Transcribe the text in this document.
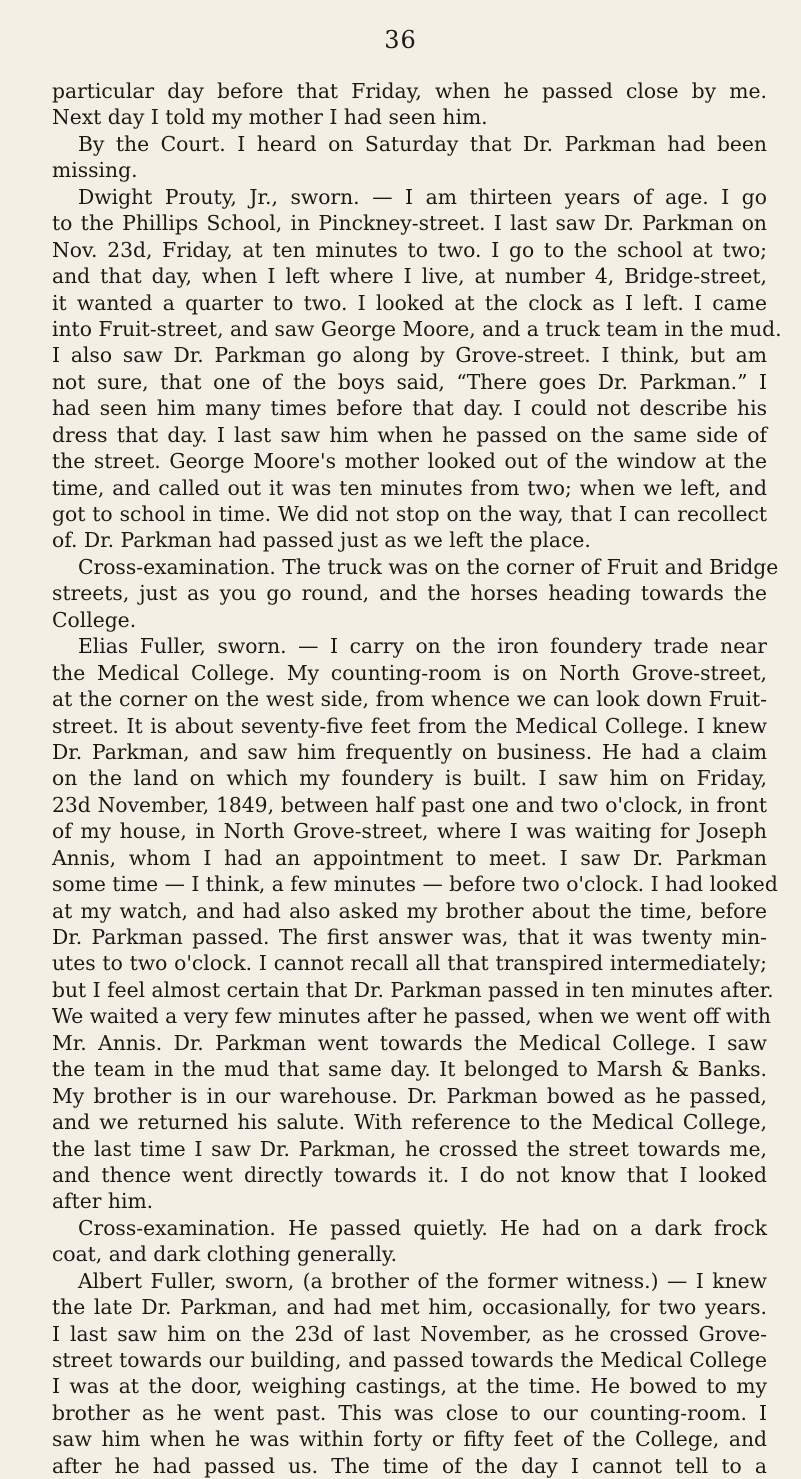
36
particular day before that Friday, when he passed close by me.
Next day I told my mother I had seen him.
By the Court. I heard on Saturday that Dr. Parkman had been
missing.
Dwight Prouty, Jr., sworn. — I am thirteen years of age. I go
to the Phillips School, in Pinckney-street. I last saw Dr. Parkman on
Nov. 23d, Friday, at ten minutes to two. I go to the school at two;
and that day, when I left where I live, at number 4, Bridge-street,
it wanted a quarter to two. I looked at the clock as I left. I came
into Fruit-street, and saw George Moore, and a truck team in the mud.
I also saw Dr. Parkman go along by Grove-street. I think, but am
not sure, that one of the boys said, “There goes Dr. Parkman.” I
had seen him many times before that day. I could not describe his
dress that day. I last saw him when he passed on the same side of
the street. George Moore's mother looked out of the window at the
time, and called out it was ten minutes from two; when we left, and
got to school in time. We did not stop on the way, that I can recollect
of. Dr. Parkman had passed just as we left the place.
Cross-examination. The truck was on the corner of Fruit and Bridge
streets, just as you go round, and the horses heading towards the
College.
Elias Fuller, sworn. — I carry on the iron foundery trade near
the Medical College. My counting-room is on North Grove-street,
at the corner on the west side, from whence we can look down Fruit-
street. It is about seventy-five feet from the Medical College. I knew
Dr. Parkman, and saw him frequently on business. He had a claim
on the land on which my foundery is built. I saw him on Friday,
23d November, 1849, between half past one and two o'clock, in front
of my house, in North Grove-street, where I was waiting for Joseph
Annis, whom I had an appointment to meet. I saw Dr. Parkman
some time — I think, a few minutes — before two o'clock. I had looked
at my watch, and had also asked my brother about the time, before
Dr. Parkman passed. The first answer was, that it was twenty min-
utes to two o'clock. I cannot recall all that transpired intermediately;
but I feel almost certain that Dr. Parkman passed in ten minutes after.
We waited a very few minutes after he passed, when we went off with
Mr. Annis. Dr. Parkman went towards the Medical College. I saw
the team in the mud that same day. It belonged to Marsh & Banks.
My brother is in our warehouse. Dr. Parkman bowed as he passed,
and we returned his salute. With reference to the Medical College,
the last time I saw Dr. Parkman, he crossed the street towards me,
and thence went directly towards it. I do not know that I looked
after him.
Cross-examination. He passed quietly. He had on a dark frock
coat, and dark clothing generally.
Albert Fuller, sworn, (a brother of the former witness.) — I knew
the late Dr. Parkman, and had met him, occasionally, for two years.
I last saw him on the 23d of last November, as he crossed Grove-
street towards our building, and passed towards the Medical College
I was at the door, weighing castings, at the time. He bowed to my
brother as he went past. This was close to our counting-room. I
saw him when he was within forty or fifty feet of the College, and
after he had passed us. The time of the day I cannot tell to a
